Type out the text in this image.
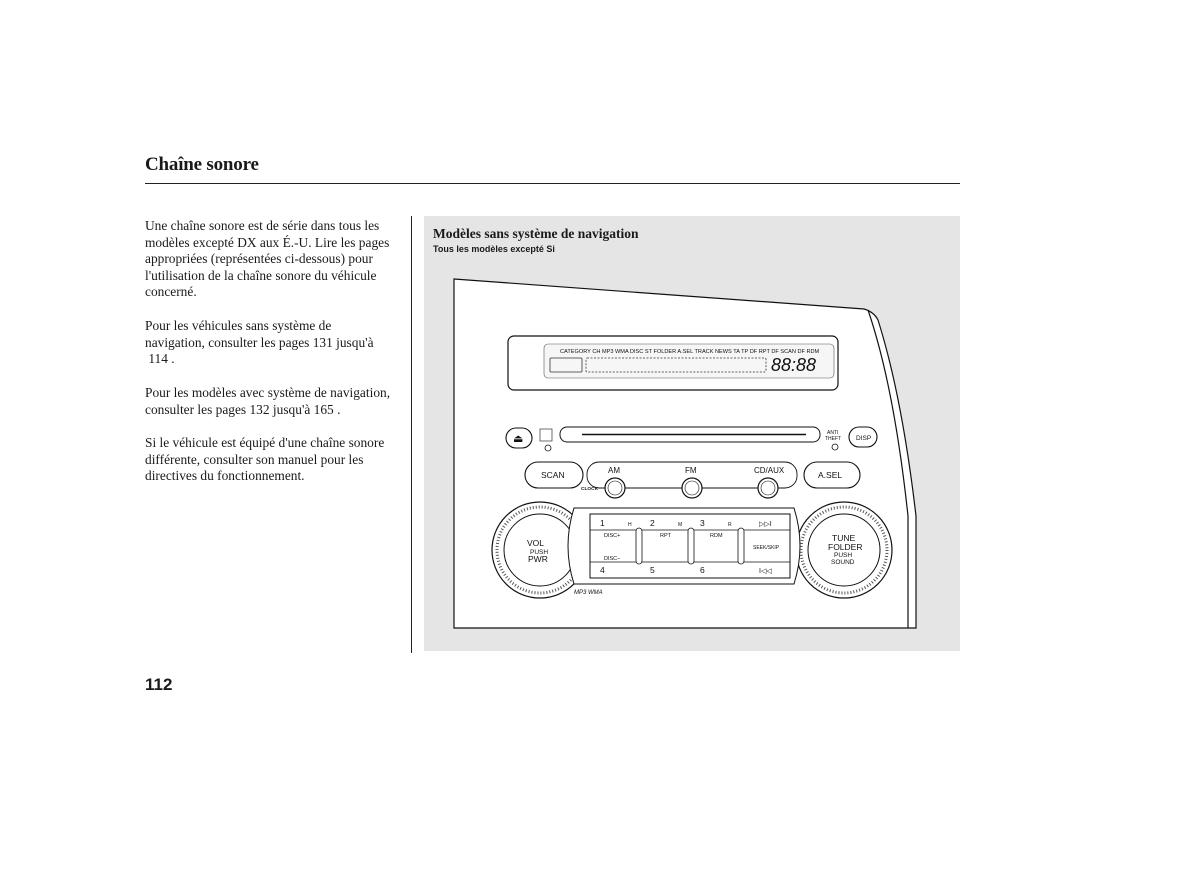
Chaîne sonore
Une chaîne sonore est de série dans tous les
modèles excepté DX aux É.-U. Lire les pages
appropriées (représentées ci-dessous) pour
l'utilisation de la chaîne sonore du véhicule
concerné.
Pour les véhicules sans système de
navigation, consulter les pages 131 jusqu'à
114 .
Pour les modèles avec système de navigation,
consulter les pages 132 jusqu'à 165 .
Si le véhicule est équipé d'une chaîne sonore
différente, consulter son manuel pour les
directives du fonctionnement.
Modèles sans système de navigation
Tous les modèles excepté Si
CATEGORY CH MP3 WMA DISC ST FOLDER A.SEL TRACK NEWS TA TP DF RPT DF SCAN DF RDM
88:88
⏏	ANTI
THEFT DISP
SCAN	AM	FM	CD/AUX
CLOCK
A.SEL
VOL
PUSH
PWR
TUNE
FOLDER
PUSH
SOUND
1	H 2	M 3	R	▷▷I
DISC+
DISC−
RPT	RDM
SEEK/SKIP
4	5	6	I◁◁
MP3 WMA
112
